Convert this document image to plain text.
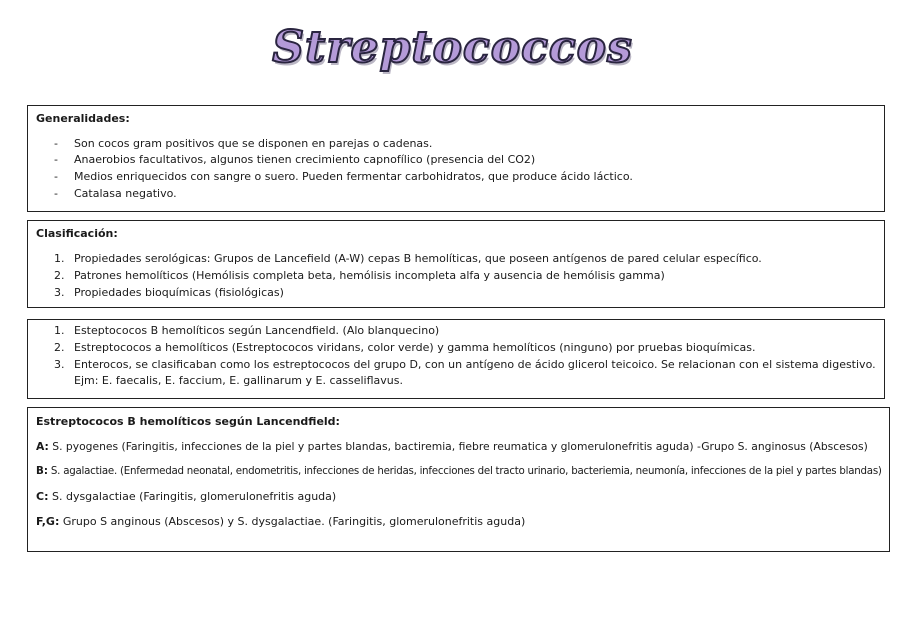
Streptococcos
Generalidades:
-	Son cocos gram positivos que se disponen en parejas o cadenas.
-	Anaerobios facultativos, algunos tienen crecimiento capnofílico (presencia del CO2)
-	Medios enriquecidos con sangre o suero. Pueden fermentar carbohidratos, que produce ácido láctico.
-	Catalasa negativo.
Clasificación:
1. Propiedades serológicas: Grupos de Lancefield (A-W) cepas B hemolíticas, que poseen antígenos de pared celular específico.
2. Patrones hemolíticos (Hemólisis completa beta, hemólisis incompleta alfa y ausencia de hemólisis gamma)
3. Propiedades bioquímicas (fisiológicas)
1. Esteptococos B hemolíticos según Lancendfield. (Alo blanquecino)
2. Estreptococos a hemolíticos (Estreptococos viridans, color verde) y gamma hemolíticos (ninguno) por pruebas bioquímicas.
3. Enterocos, se clasificaban como los estreptococos del grupo D, con un antígeno de ácido glicerol teicoico. Se relacionan con el sistema digestivo. Ejm: E. faecalis, E. faccium, E. gallinarum y E. casseliflavus.
Estreptococos B hemolíticos según Lancendfield:
A: S. pyogenes (Faringitis, infecciones de la piel y partes blandas, bactiremia, fiebre reumatica y glomerulonefritis aguda) -Grupo S. anginosus (Abscesos)
B: S. agalactiae. (Enfermedad neonatal, endometritis, infecciones de heridas, infecciones del tracto urinario, bacteriemia, neumonía, infecciones de la piel y partes blandas)
C: S. dysgalactiae (Faringitis, glomerulonefritis aguda)
F,G: Grupo S anginous (Abscesos) y S. dysgalactiae. (Faringitis, glomerulonefritis aguda)
